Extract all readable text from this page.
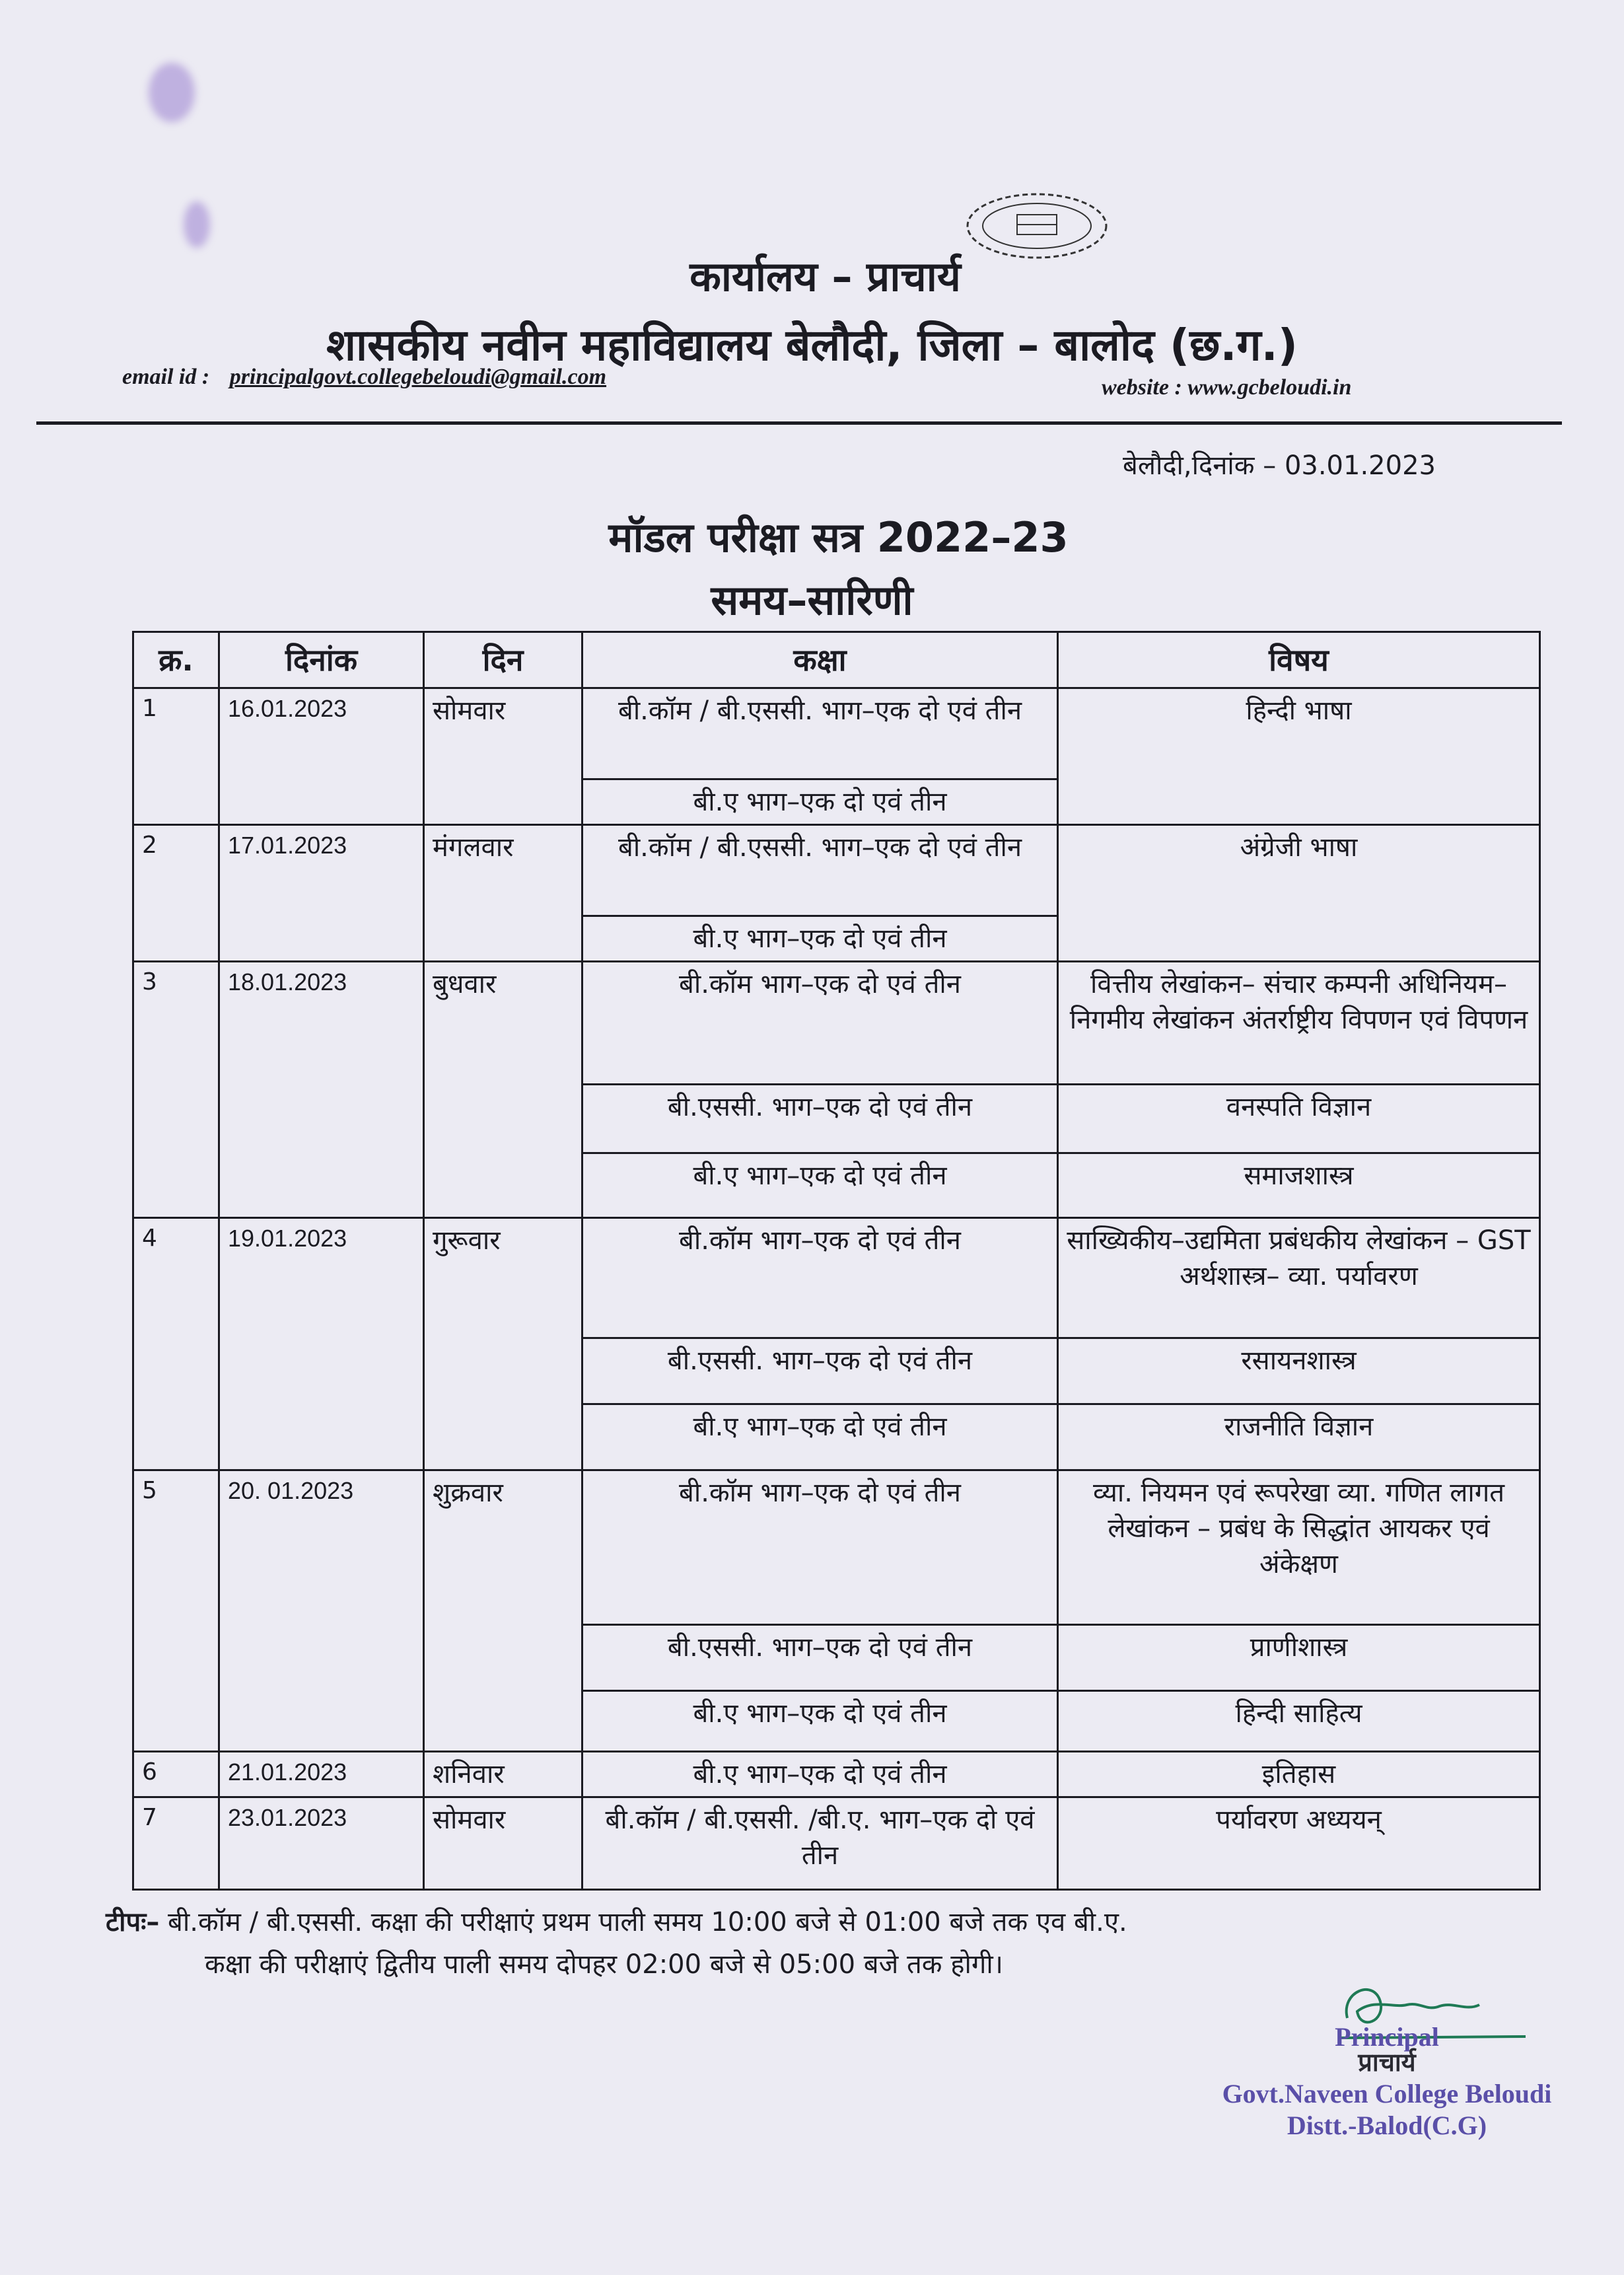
कार्यालय – प्राचार्य
शासकीय नवीन महाविद्यालय बेलौदी, जिला – बालोद (छ.ग.)
email id : principalgovt.collegebeloudi@gmail.com	website : www.gcbeloudi.in
बेलौदी,दिनांक – 03.01.2023
मॉडल परीक्षा सत्र 2022–23
समय–सारिणी
क्र.	दिनांक	दिन	कक्षा	विषय
1	16.01.2023	सोमवार	बी.कॉम / बी.एससी. भाग–एक दो एवं तीन	हिन्दी भाषा
			बी.ए भाग–एक दो एवं तीन	
2	17.01.2023	मंगलवार	बी.कॉम / बी.एससी. भाग–एक दो एवं तीन	अंग्रेजी भाषा
			बी.ए भाग–एक दो एवं तीन	
3	18.01.2023	बुधवार	बी.कॉम भाग–एक दो एवं तीन	वित्तीय लेखांकन– संचार कम्पनी अधिनियम–निगमीय लेखांकन अंतर्राष्ट्रीय विपणन एवं विपणन
			बी.एससी. भाग–एक दो एवं तीन	वनस्पति विज्ञान
			बी.ए भाग–एक दो एवं तीन	समाजशास्त्र
4	19.01.2023	गुरूवार	बी.कॉम भाग–एक दो एवं तीन	साख्यिकीय–उद्यमिता प्रबंधकीय लेखांकन – GST अर्थशास्त्र– व्या. पर्यावरण
			बी.एससी. भाग–एक दो एवं तीन	रसायनशास्त्र
			बी.ए भाग–एक दो एवं तीन	राजनीति विज्ञान
5	20. 01.2023	शुक्रवार	बी.कॉम भाग–एक दो एवं तीन	व्या. नियमन एवं रूपरेखा व्या. गणित लागत लेखांकन – प्रबंध के सिद्धांत आयकर एवं अंकेक्षण
			बी.एससी. भाग–एक दो एवं तीन	प्राणीशास्त्र
			बी.ए भाग–एक दो एवं तीन	हिन्दी साहित्य
6	21.01.2023	शनिवार	बी.ए भाग–एक दो एवं तीन	इतिहास
7	23.01.2023	सोमवार	बी.कॉम / बी.एससी. /बी.ए. भाग–एक दो एवं तीन	पर्यावरण अध्ययन्
टीपः– बी.कॉम / बी.एससी. कक्षा की परीक्षाएं प्रथम पाली समय 10:00 बजे से 01:00 बजे तक एव बी.ए.
कक्षा की परीक्षाएं द्वितीय पाली समय दोपहर 02:00 बजे से 05:00 बजे तक होगी।
Principal
प्राचार्य
Govt.Naveen College Beloudi
Distt.-Balod(C.G)
